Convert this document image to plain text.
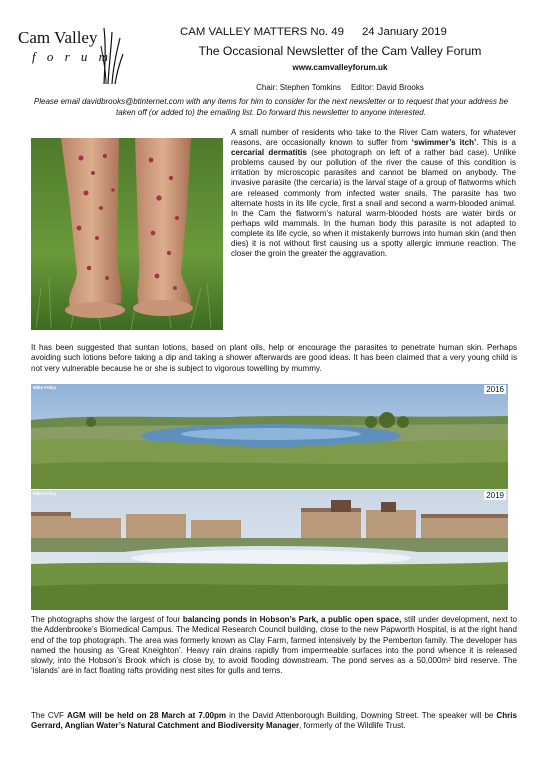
Cam Valley
f o r u m
CAM VALLEY MATTERS No. 49 24 January 2019
The Occasional Newsletter of the Cam Valley Forum
www.camvalleyforum.uk
Chair: Stephen Tomkins Editor: David Brooks
Please email davidbrooks@btinternet.com with any items for him to consider for the next newsletter or to request that your address be taken off (or added to) the emailing list. Do forward this newsletter to anyone interested.
A small number of residents who take to the River Cam waters, for whatever reasons, are occasionally known to suffer from ‘swimmer’s itch’. This is a cercarial dermatitis (see photograph on left of a rather bad case). Unlike problems caused by our pollution of the river the cause of this condition is irritation by microscopic parasites and cannot be blamed on anybody. The invasive parasite (the cercaria) is the larval stage of a group of flatworms which are released commonly from infected water snails. The parasite has two alternate hosts in its life cycle, first a snail and second a warm-blooded animal. In the Cam the flatworm’s natural warm-blooded hosts are water birds or perhaps wild mammals. In the human body this parasite is not adapted to complete its life cycle, so when it mistakenly burrows into human skin (and then dies) it is not without first causing us a spotty allergic immune reaction. The closer the groin the greater the aggravation.
It has been suggested that suntan lotions, based on plant oils, help or encourage the parasites to penetrate human skin. Perhaps avoiding such lotions before taking a dip and taking a shower afterwards are good ideas. It has been claimed that a very young child is not very vulnerable because he or she is subject to vigorous towelling by mummy.
Mike Foley	2016
Mike Foley	2019
The photographs show the largest of four balancing ponds in Hobson’s Park, a public open space, still under development, next to the Addenbrooke’s Biomedical Campus. The Medical Research Council building, close to the new Papworth Hospital, is at the right hand end of the top photograph. The area was formerly known as Clay Farm, farmed intensively by the Pemberton family. The developer has named the housing as ‘Great Kneighton’. Heavy rain drains rapidly from impermeable surfaces into the pond whence it is released slowly, into the Hobson’s Brook which is close by, to avoid flooding downstream. The pond serves as a 50,000m² bird reserve. The ‘islands’ are in fact floating rafts providing nest sites for gulls and terns.
The CVF AGM will be held on 28 March at 7.00pm in the David Attenborough Building, Downing Street. The speaker will be Chris Gerrard, Anglian Water’s Natural Catchment and Biodiversity Manager, formerly of the Wildlife Trust.
